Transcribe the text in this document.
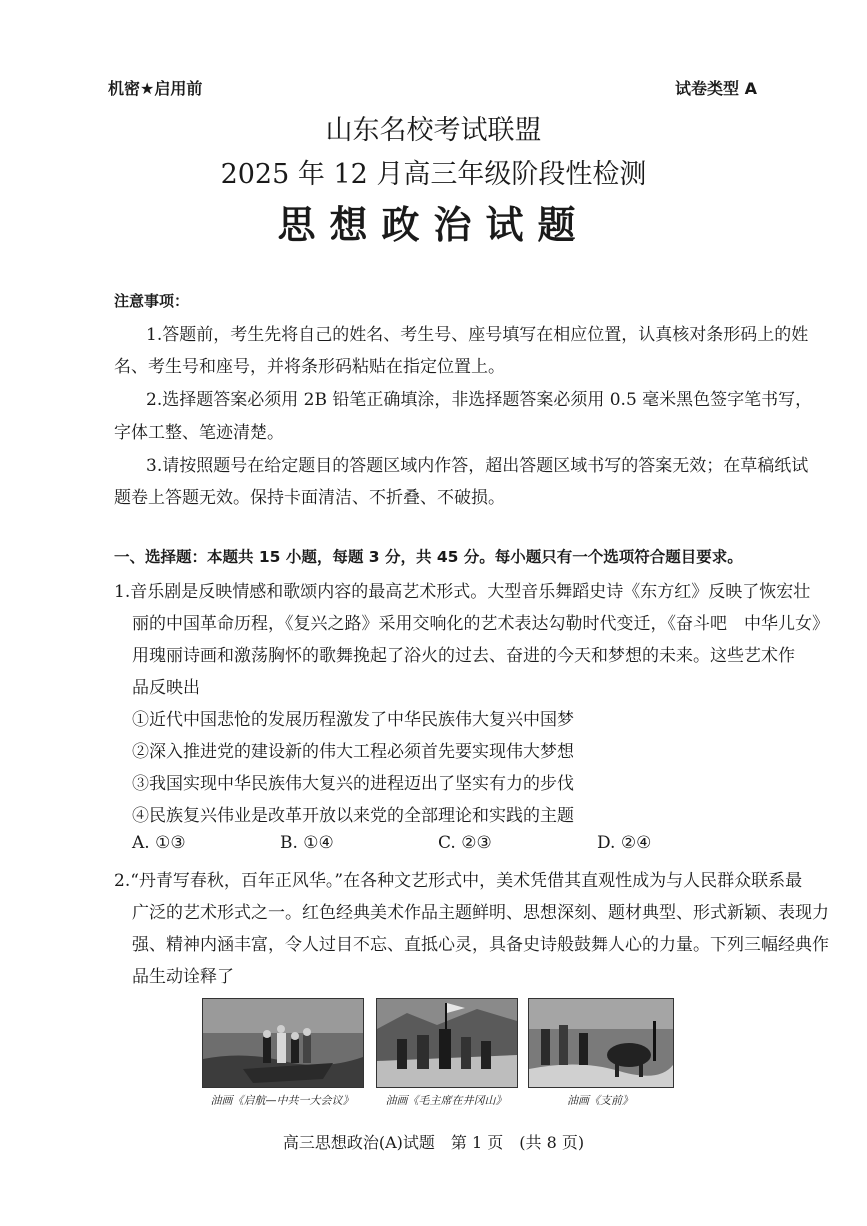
机密★启用前	试卷类型 A
山东名校考试联盟
2025 年 12 月高三年级阶段性检测
思想政治试题
注意事项：
1.答题前，考生先将自己的姓名、考生号、座号填写在相应位置，认真核对条形码上的姓
名、考生号和座号，并将条形码粘贴在指定位置上。
2.选择题答案必须用 2B 铅笔正确填涂，非选择题答案必须用 0.5 毫米黑色签字笔书写，
字体工整、笔迹清楚。
3.请按照题号在给定题目的答题区域内作答，超出答题区域书写的答案无效；在草稿纸试
题卷上答题无效。保持卡面清洁、不折叠、不破损。
一、选择题：本题共 15 小题，每题 3 分，共 45 分。每小题只有一个选项符合题目要求。
1.音乐剧是反映情感和歌颂内容的最高艺术形式。大型音乐舞蹈史诗《东方红》反映了恢宏壮
丽的中国革命历程，《复兴之路》采用交响化的艺术表达勾勒时代变迁，《奋斗吧　中华儿女》
用瑰丽诗画和激荡胸怀的歌舞挽起了浴火的过去、奋进的今天和梦想的未来。这些艺术作
品反映出
①近代中国悲怆的发展历程激发了中华民族伟大复兴中国梦
②深入推进党的建设新的伟大工程必须首先要实现伟大梦想
③我国实现中华民族伟大复兴的进程迈出了坚实有力的步伐
④民族复兴伟业是改革开放以来党的全部理论和实践的主题
A. ①③	B. ①④	C. ②③	D. ②④
2.“丹青写春秋，百年正风华。”在各种文艺形式中，美术凭借其直观性成为与人民群众联系最
广泛的艺术形式之一。红色经典美术作品主题鲜明、思想深刻、题材典型、形式新颖、表现力
强、精神内涵丰富，令人过目不忘、直抵心灵，具备史诗般鼓舞人心的力量。下列三幅经典作
品生动诠释了
油画《启航—中共一大会议》	油画《毛主席在井冈山》	油画《支前》
高三思想政治(A)试题　第 1 页　(共 8 页)
